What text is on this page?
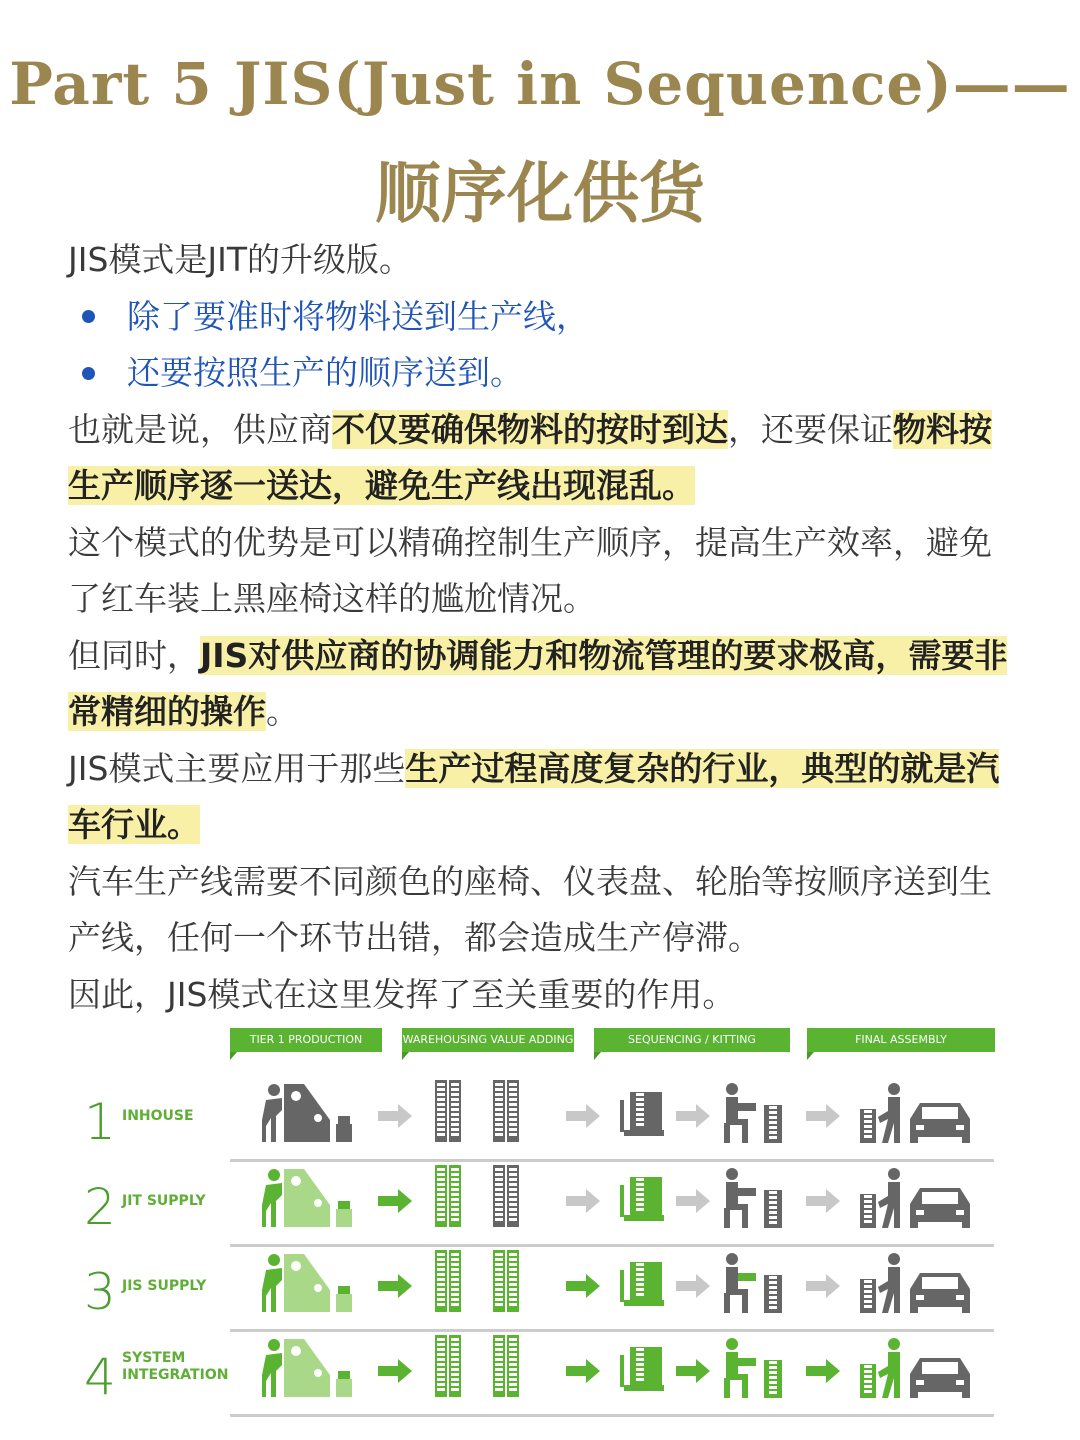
Part 5 JIS(Just in Sequence)——
顺序化供货

JIS模式是JIT的升级版。

除了要准时将物料送到生产线，

还要按照生产的顺序送到。

也就是说，供应商不仅要确保物料的按时到达，还要保证物料按生产顺序逐一送达，避免生产线出现混乱。

这个模式的优势是可以精确控制生产顺序，提高生产效率，避免了红车装上黑座椅这样的尴尬情况。

但同时，JIS对供应商的协调能力和物流管理的要求极高，需要非常精细的操作。

JIS模式主要应用于那些生产过程高度复杂的行业，典型的就是汽车行业。

汽车生产线需要不同颜色的座椅、仪表盘、轮胎等按顺序送到生产线，任何一个环节出错，都会造成生产停滞。

因此，JIS模式在这里发挥了至关重要的作用。

TIER 1 PRODUCTION	WAREHOUSING VALUE ADDING	SEQUENCING / KITTING	FINAL ASSEMBLY
1 INHOUSE
2 JIT SUPPLY
3 JIS SUPPLY
4 SYSTEM INTEGRATION
